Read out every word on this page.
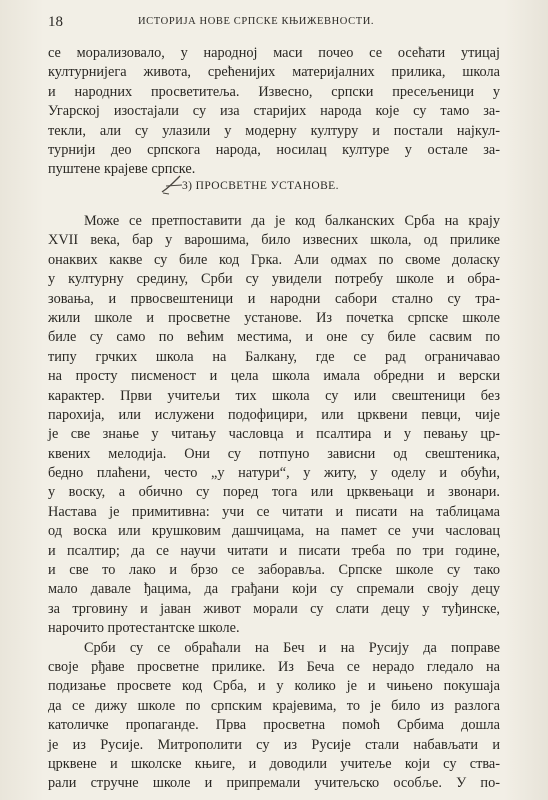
18	ИСТОРИЈА НОВЕ СРПСКЕ КЊИЖЕВНОСТИ.
се морализовало, у народној маси почео се осећати утицај
културнијега живота, срећенијих материјалних прилика, школа
и народних просветитеља. Извесно, српски пресељеници у
Угарској изостајали су иза старијих народа које су тамо за-
текли, али су улазили у модерну културу и постали најкул-
турнији део српскога народа, носилац културе у остале за-
пуштене крајеве српске.
3) ПРОСВЕТНЕ УСТАНОВЕ.
Може се претпоставити да је код балканских Срба на крају
XVII века, бар у варошима, било извесних школа, од прилике
онаквих какве су биле код Грка. Али одмах по своме доласку
у културну средину, Срби су увидели потребу школе и обра-
зовања, и првосвештеници и народни сабори стално су тра-
жили школе и просветне установе. Из почетка српске школе
биле су само по већим местима, и оне су биле сасвим по
типу грчких школа на Балкану, где се рад ограничавао
на просту писменост и цела школа имала обредни и верски
карактер. Први учитељи тих школа су или свештеници без
парохија, или иcлужени подофицири, или црквени певци, чије
је све знање у читању часловца и псалтира и у певању цр-
квених мелодија. Они су потпуно зависни од свештеника,
бедно плаћени, често „у натури“, у житу, у оделу и обући,
у воску, а обично су поред тога или црквењаци и звонари.
Настава је примитивна: учи се читати и писати на таблицама
од воска или крушковим дашчицама, на памет се учи часловац
и псалтир; да се научи читати и писати треба по три године,
и све то лако и брзо се заборавља. Српске школе су тако
мало давале ђацима, да грађани који су спремали своју децу
за трговину и јаван живот морали су слати децу у туђинске,
нарочито протестантске школе.
Срби су се обраћали на Беч и на Русију да поправе
своје рђаве просветне прилике. Из Беча се нерадо гледало на
подизање просвете код Срба, и у колико је и чињено покушаја
да се дижу школе по српским крајевима, то је било из разлога
католичке пропаганде. Прва просветна помоћ Србима дошла
је из Русије. Митрополити су из Русије стали набављати и
црквене и школске књиге, и доводили учитеље који су ства-
рали стручне школе и припремали учитељско особље. У по-
